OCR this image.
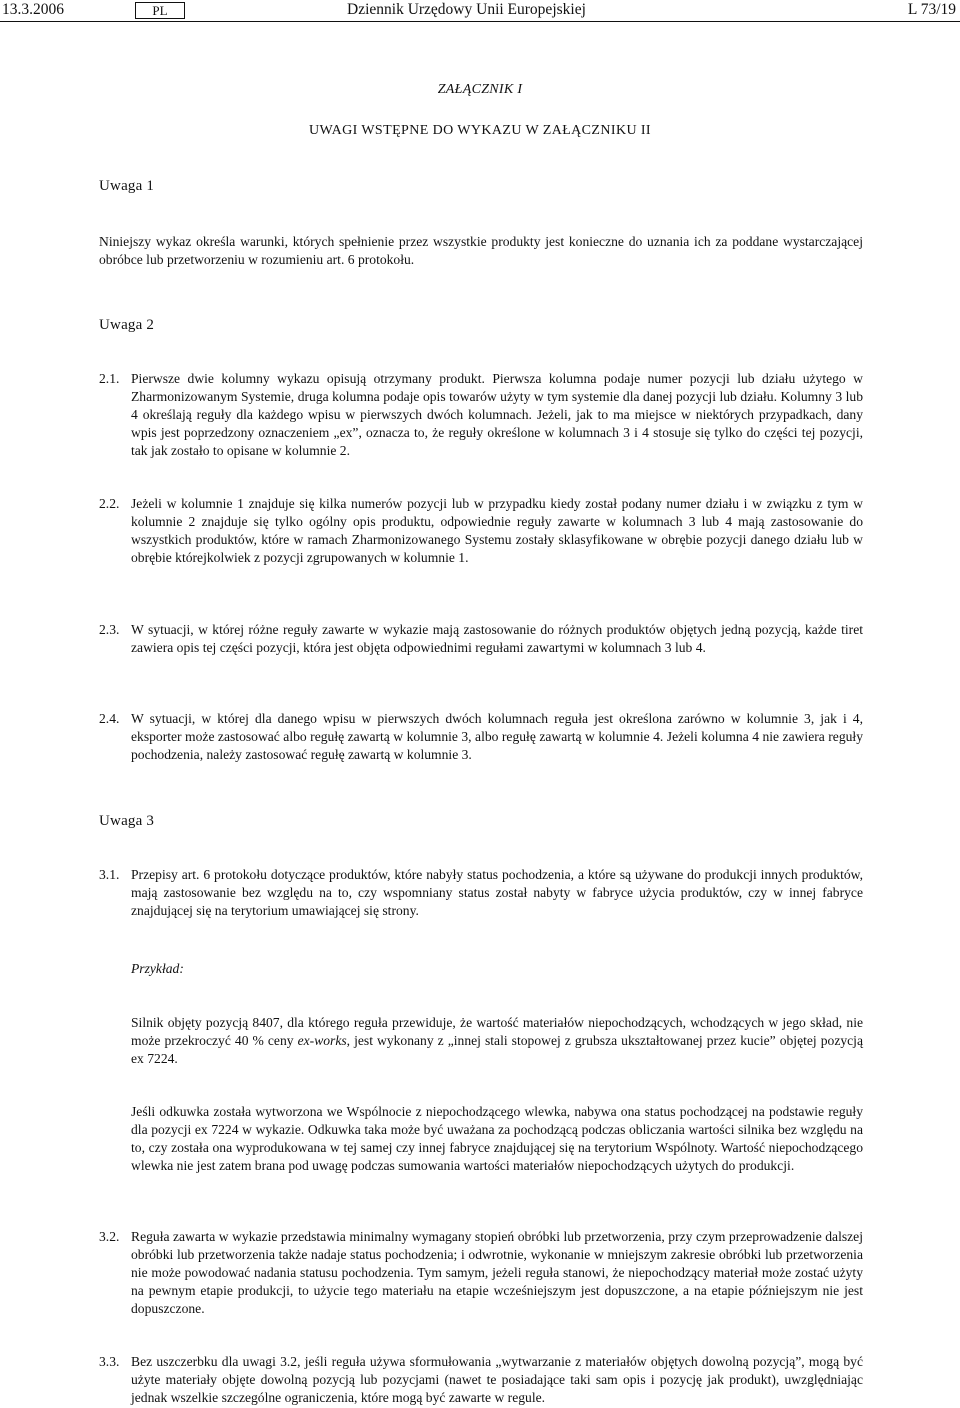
13.3.2006	PL	Dziennik Urzędowy Unii Europejskiej	L 73/19
ZAŁĄCZNIK I
UWAGI WSTĘPNE DO WYKAZU W ZAŁĄCZNIKU II
Uwaga 1

Niniejszy wykaz określa warunki, których spełnienie przez wszystkie produkty jest konieczne do uznania ich za poddane wystarczającej obróbce lub przetworzeniu w rozumieniu art. 6 protokołu.

Uwaga 2

2.1. Pierwsze dwie kolumny wykazu opisują otrzymany produkt. Pierwsza kolumna podaje numer pozycji lub działu użytego w Zharmonizowanym Systemie, druga kolumna podaje opis towarów użyty w tym systemie dla danej pozycji lub działu. Kolumny 3 lub 4 określają reguły dla każdego wpisu w pierwszych dwóch kolumnach. Jeżeli, jak to ma miejsce w niektórych przypadkach, dany wpis jest poprzedzony oznaczeniem „ex”, oznacza to, że reguły określone w kolumnach 3 i 4 stosuje się tylko do części tej pozycji, tak jak zostało to opisane w kolumnie 2.

2.2. Jeżeli w kolumnie 1 znajduje się kilka numerów pozycji lub w przypadku kiedy został podany numer działu i w związku z tym w kolumnie 2 znajduje się tylko ogólny opis produktu, odpowiednie reguły zawarte w kolumnach 3 lub 4 mają zastosowanie do wszystkich produktów, które w ramach Zharmonizowanego Systemu zostały sklasyfikowane w obrębie pozycji danego działu lub w obrębie którejkolwiek z pozycji zgrupowanych w kolumnie 1.

2.3. W sytuacji, w której różne reguły zawarte w wykazie mają zastosowanie do różnych produktów objętych jedną pozycją, każde tiret zawiera opis tej części pozycji, która jest objęta odpowiednimi regułami zawartymi w kolumnach 3 lub 4.

2.4. W sytuacji, w której dla danego wpisu w pierwszych dwóch kolumnach reguła jest określona zarówno w kolumnie 3, jak i 4, eksporter może zastosować albo regułę zawartą w kolumnie 3, albo regułę zawartą w kolumnie 4. Jeżeli kolumna 4 nie zawiera reguły pochodzenia, należy zastosować regułę zawartą w kolumnie 3.

Uwaga 3

3.1. Przepisy art. 6 protokołu dotyczące produktów, które nabyły status pochodzenia, a które są używane do produkcji innych produktów, mają zastosowanie bez względu na to, czy wspomniany status został nabyty w fabryce użycia produktów, czy w innej fabryce znajdującej się na terytorium umawiającej się strony.

Przykład:

Silnik objęty pozycją 8407, dla którego reguła przewiduje, że wartość materiałów niepochodzących, wchodzących w jego skład, nie może przekroczyć 40 % ceny ex-works, jest wykonany z „innej stali stopowej z grubsza ukształtowanej przez kucie” objętej pozycją ex 7224.

Jeśli odkuwka została wytworzona we Wspólnocie z niepochodzącego wlewka, nabywa ona status pochodzącej na podstawie reguły dla pozycji ex 7224 w wykazie. Odkuwka taka może być uważana za pochodzącą podczas obliczania wartości silnika bez względu na to, czy została ona wyprodukowana w tej samej czy innej fabryce znajdującej się na terytorium Wspólnoty. Wartość niepochodzącego wlewka nie jest zatem brana pod uwagę podczas sumowania wartości materiałów niepochodzących użytych do produkcji.

3.2. Reguła zawarta w wykazie przedstawia minimalny wymagany stopień obróbki lub przetworzenia, przy czym przeprowadzenie dalszej obróbki lub przetworzenia także nadaje status pochodzenia; i odwrotnie, wykonanie w mniejszym zakresie obróbki lub przetworzenia nie może powodować nadania statusu pochodzenia. Tym samym, jeżeli reguła stanowi, że niepochodzący materiał może zostać użyty na pewnym etapie produkcji, to użycie tego materiału na etapie wcześniejszym jest dopuszczone, a na etapie późniejszym nie jest dopuszczone.

3.3. Bez uszczerbku dla uwagi 3.2, jeśli reguła używa sformułowania „wytwarzanie z materiałów objętych dowolną pozycją”, mogą być użyte materiały objęte dowolną pozycją lub pozycjami (nawet te posiadające taki sam opis i pozycję jak produkt), uwzględniając jednak wszelkie szczególne ograniczenia, które mogą być zawarte w regule.
